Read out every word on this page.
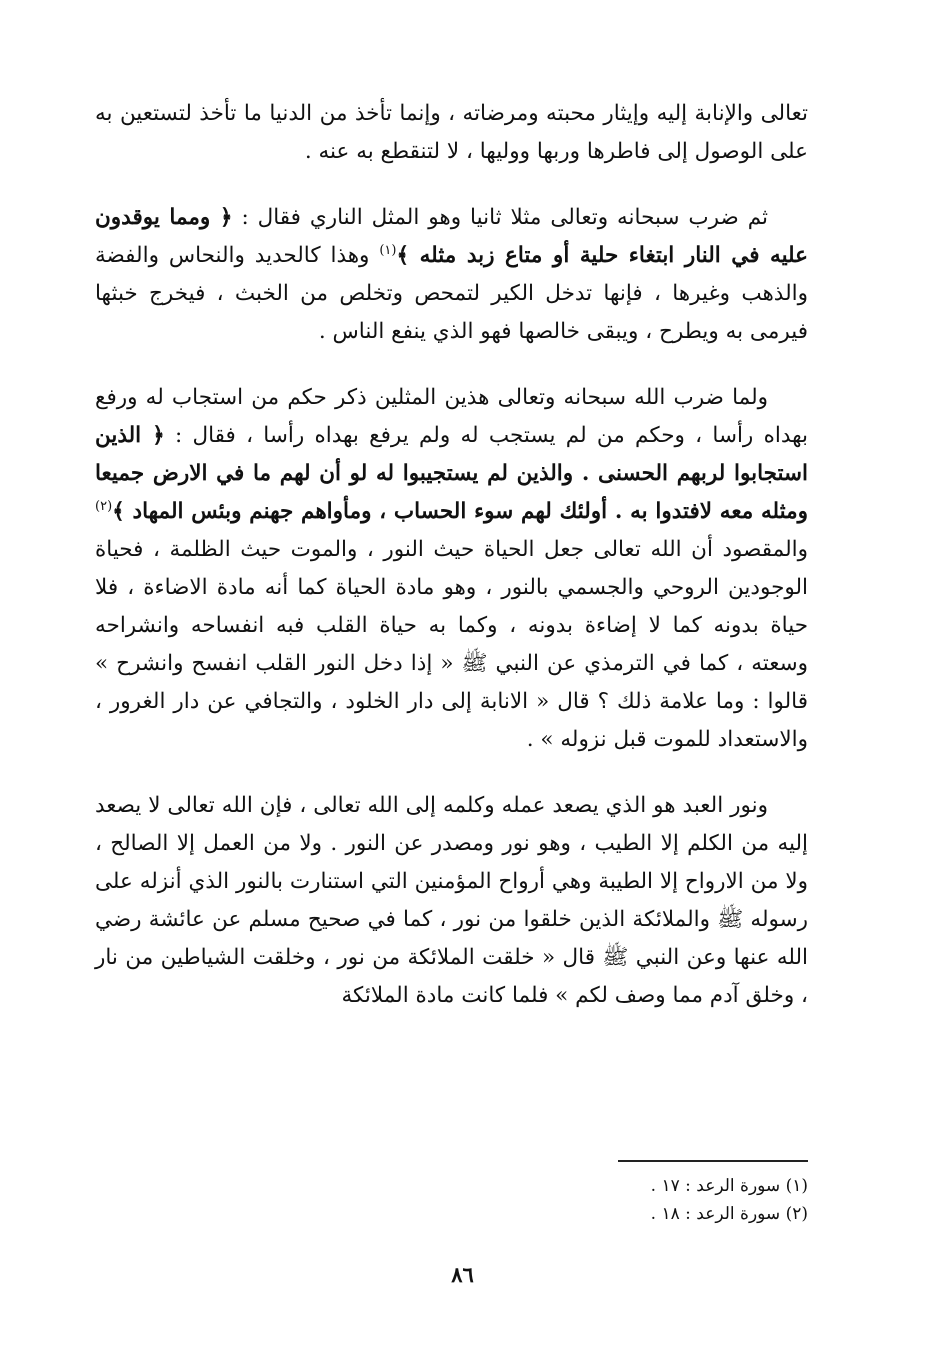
تعالى والإنابة إليه وإيثار محبته ومرضاته ، وإنما تأخذ من الدنيا ما تأخذ لتستعين به على الوصول إلى فاطرها وربها ووليها ، لا لتنقطع به عنه .

ثم ضرب سبحانه وتعالى مثلا ثانيا وهو المثل الناري فقال : ﴿ ومما يوقدون عليه في النار ابتغاء حلية أو متاع زبد مثله ﴾$^{(١)}$ وهذا كالحديد والنحاس والفضة والذهب وغيرها ، فإنها تدخل الكير لتمحص وتخلص من الخبث ، فيخرج خبثها فيرمى به ويطرح ، ويبقى خالصها فهو الذي ينفع الناس .

ولما ضرب الله سبحانه وتعالى هذين المثلين ذكر حكم من استجاب له ورفع بهداه رأسا ، وحكم من لم يستجب له ولم يرفع بهداه رأسا ، فقال : ﴿ الذين استجابوا لربهم الحسنى . والذين لم يستجيبوا له لو أن لهم ما في الارض جميعا ومثله معه لافتدوا به . أولئك لهم سوء الحساب ، ومأواهم جهنم وبئس المهاد ﴾$^{(٢)}$ والمقصود أن الله تعالى جعل الحياة حيث النور ، والموت حيث الظلمة ، فحياة الوجودين الروحي والجسمي بالنور ، وهو مادة الحياة كما أنه مادة الاضاءة ، فلا حياة بدونه كما لا إضاءة بدونه ، وكما به حياة القلب فبه انفساحه وانشراحه وسعته ، كما في الترمذي عن النبي ﷺ « إذا دخل النور القلب انفسح وانشرح » قالوا : وما علامة ذلك ؟ قال « الانابة إلى دار الخلود ، والتجافي عن دار الغرور ، والاستعداد للموت قبل نزوله » .

ونور العبد هو الذي يصعد عمله وكلمه إلى الله تعالى ، فإن الله تعالى لا يصعد إليه من الكلم إلا الطيب ، وهو نور ومصدر عن النور . ولا من العمل إلا الصالح ، ولا من الارواح إلا الطيبة وهي أرواح المؤمنين التي استنارت بالنور الذي أنزله على رسوله ﷺ والملائكة الذين خلقوا من نور ، كما في صحيح مسلم عن عائشة رضي الله عنها وعن النبي ﷺ قال « خلقت الملائكة من نور ، وخلقت الشياطين من نار ، وخلق آدم مما وصف لكم » فلما كانت مادة الملائكة

(١) سورة الرعد : ١٧ .

(٢) سورة الرعد : ١٨ .

٨٦
